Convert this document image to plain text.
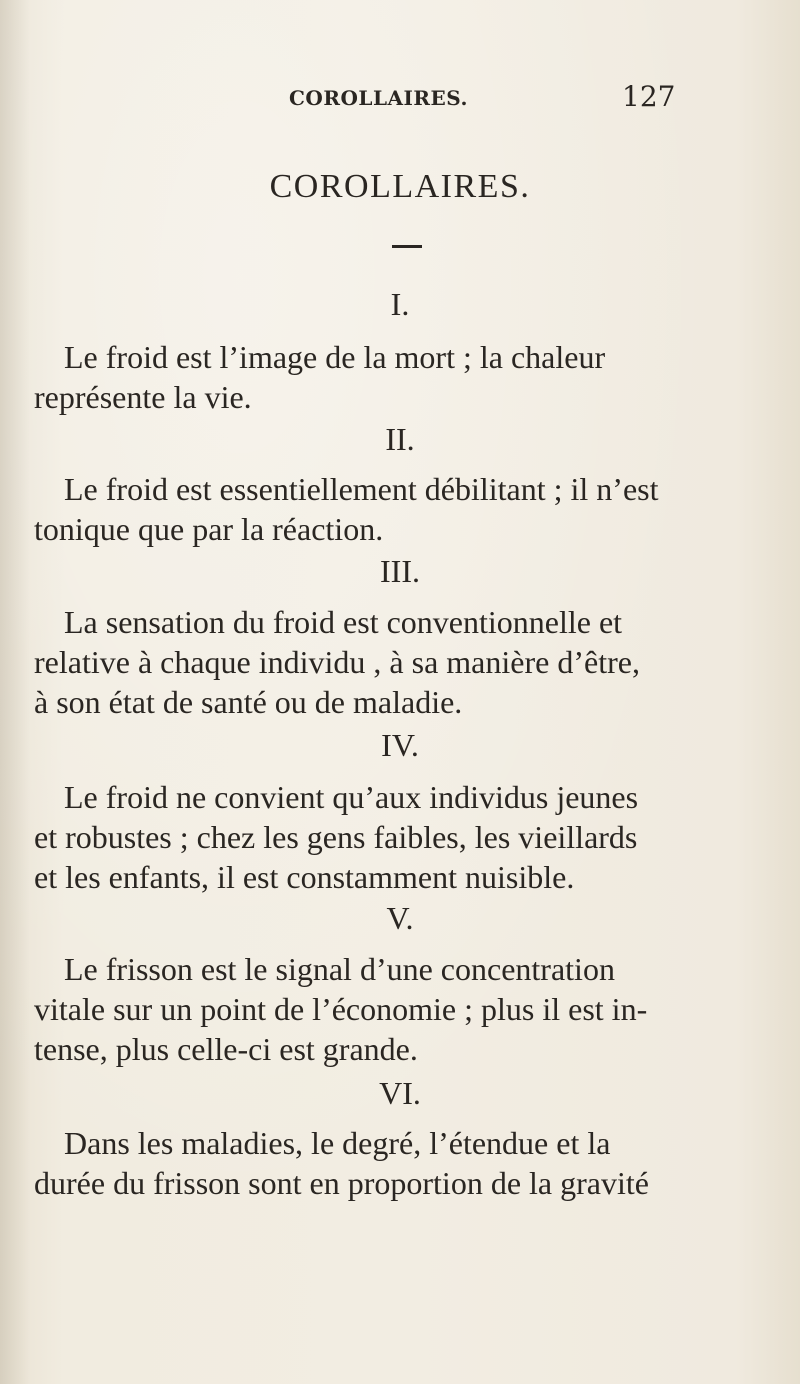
COROLLAIRES.	127
COROLLAIRES.
I.
Le froid est l’image de la mort ; la chaleur
représente la vie.
II.
Le froid est essentiellement débilitant ; il n’est
tonique que par la réaction.
III.
La sensation du froid est conventionnelle et
relative à chaque individu , à sa manière d’être,
à son état de santé ou de maladie.
IV.
Le froid ne convient qu’aux individus jeunes
et robustes ; chez les gens faibles, les vieillards
et les enfants, il est constamment nuisible.
V.
Le frisson est le signal d’une concentration
vitale sur un point de l’économie ; plus il est in-
tense, plus celle-ci est grande.
VI.
Dans les maladies, le degré, l’étendue et la
durée du frisson sont en proportion de la gravité
